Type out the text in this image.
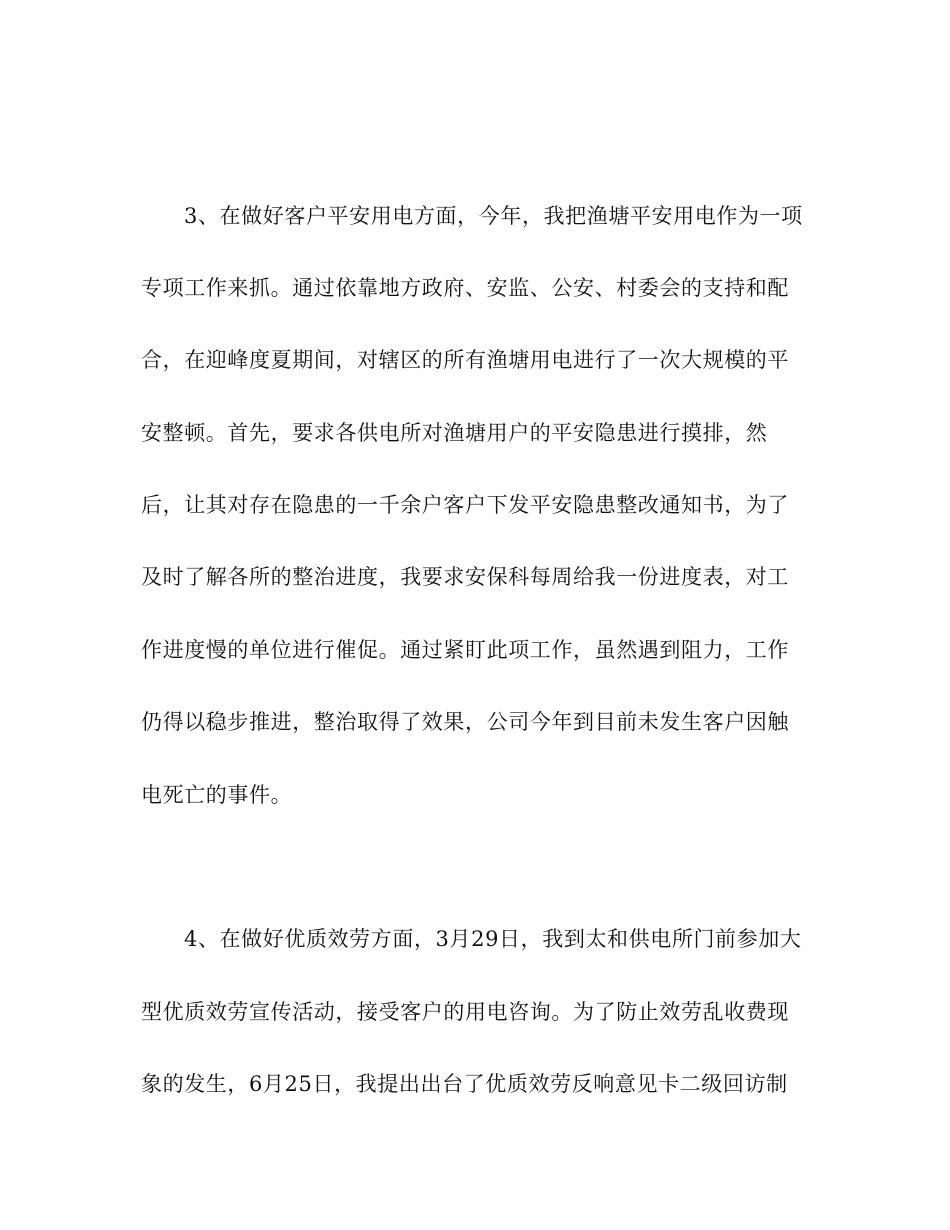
3、在做好客户平安用电方面，今年，我把渔塘平安用电作为一项
专项工作来抓。通过依靠地方政府、安监、公安、村委会的支持和配
合，在迎峰度夏期间，对辖区的所有渔塘用电进行了一次大规模的平
安整顿。首先，要求各供电所对渔塘用户的平安隐患进行摸排，然
后，让其对存在隐患的一千余户客户下发平安隐患整改通知书，为了
及时了解各所的整治进度，我要求安保科每周给我一份进度表，对工
作进度慢的单位进行催促。通过紧盯此项工作，虽然遇到阻力，工作
仍得以稳步推进，整治取得了效果，公司今年到目前未发生客户因触
电死亡的事件。
4、在做好优质效劳方面，3月29日，我到太和供电所门前参加大
型优质效劳宣传活动，接受客户的用电咨询。为了防止效劳乱收费现
象的发生，6月25日，我提出出台了优质效劳反响意见卡二级回访制
